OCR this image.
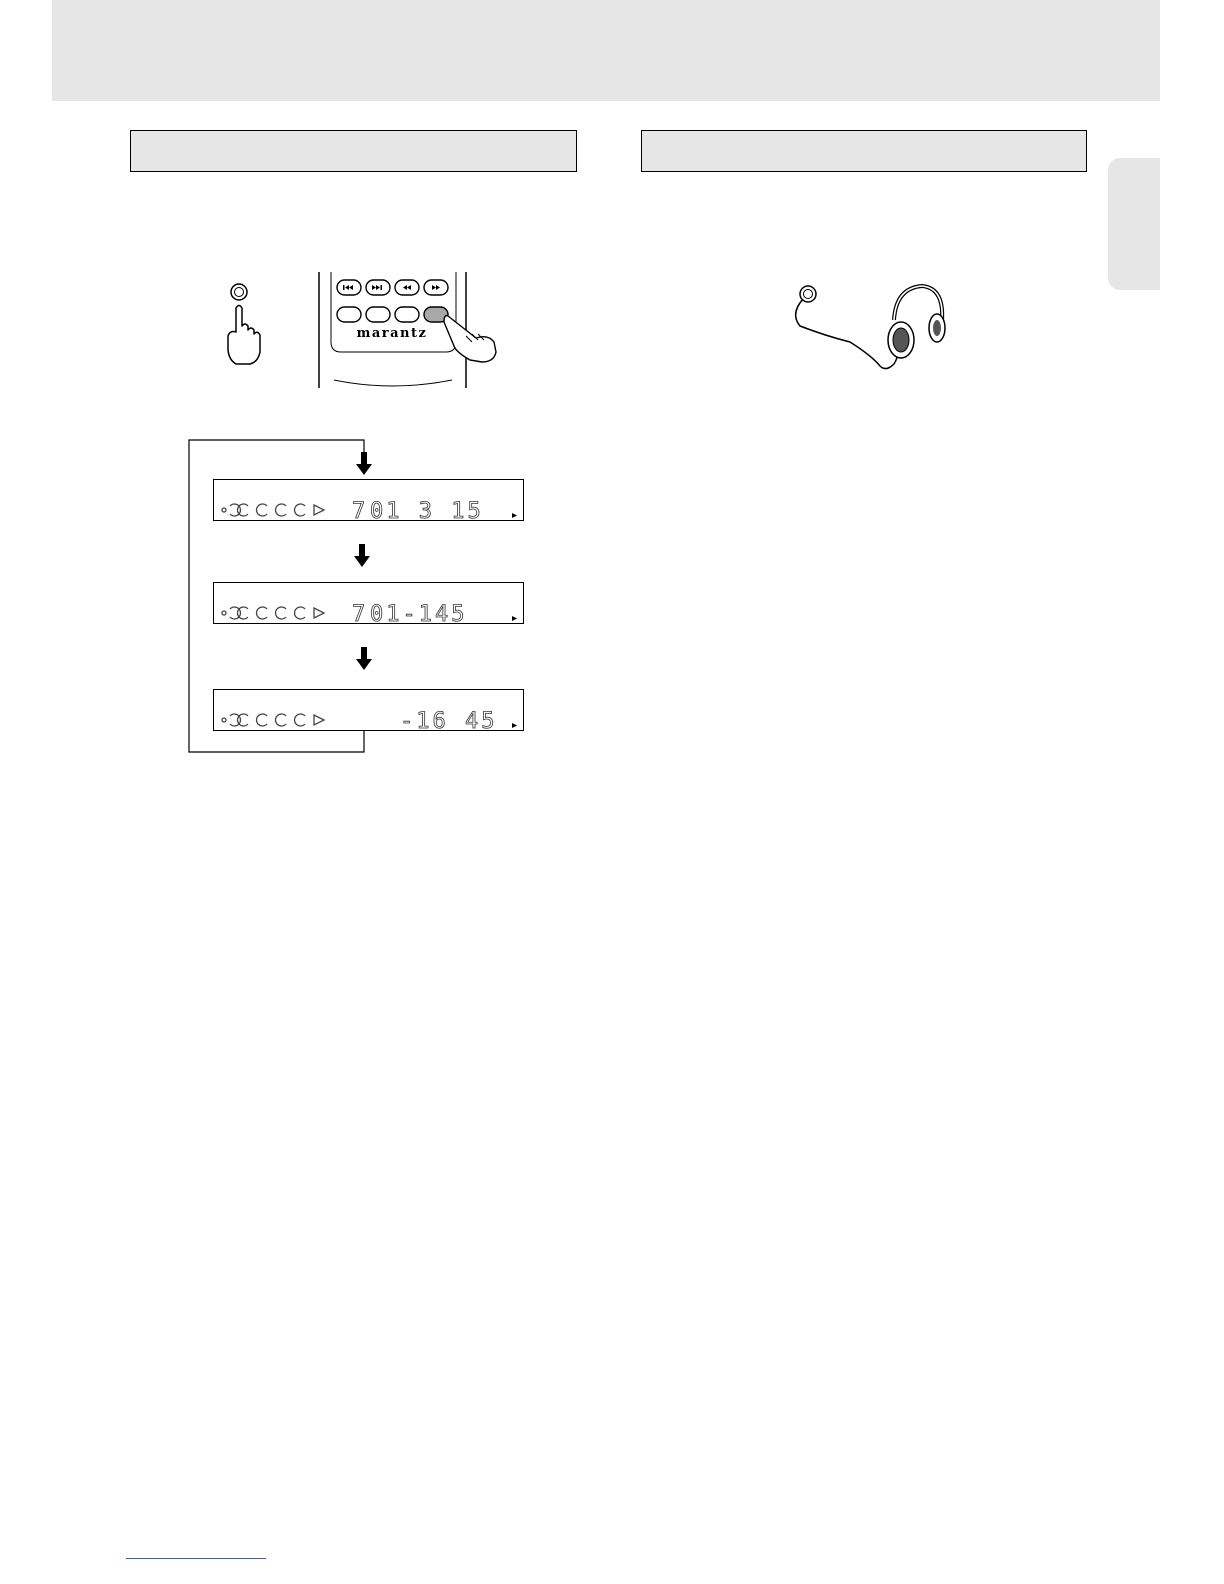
marantz
7 01 3 15
7 01-145
-16 45
